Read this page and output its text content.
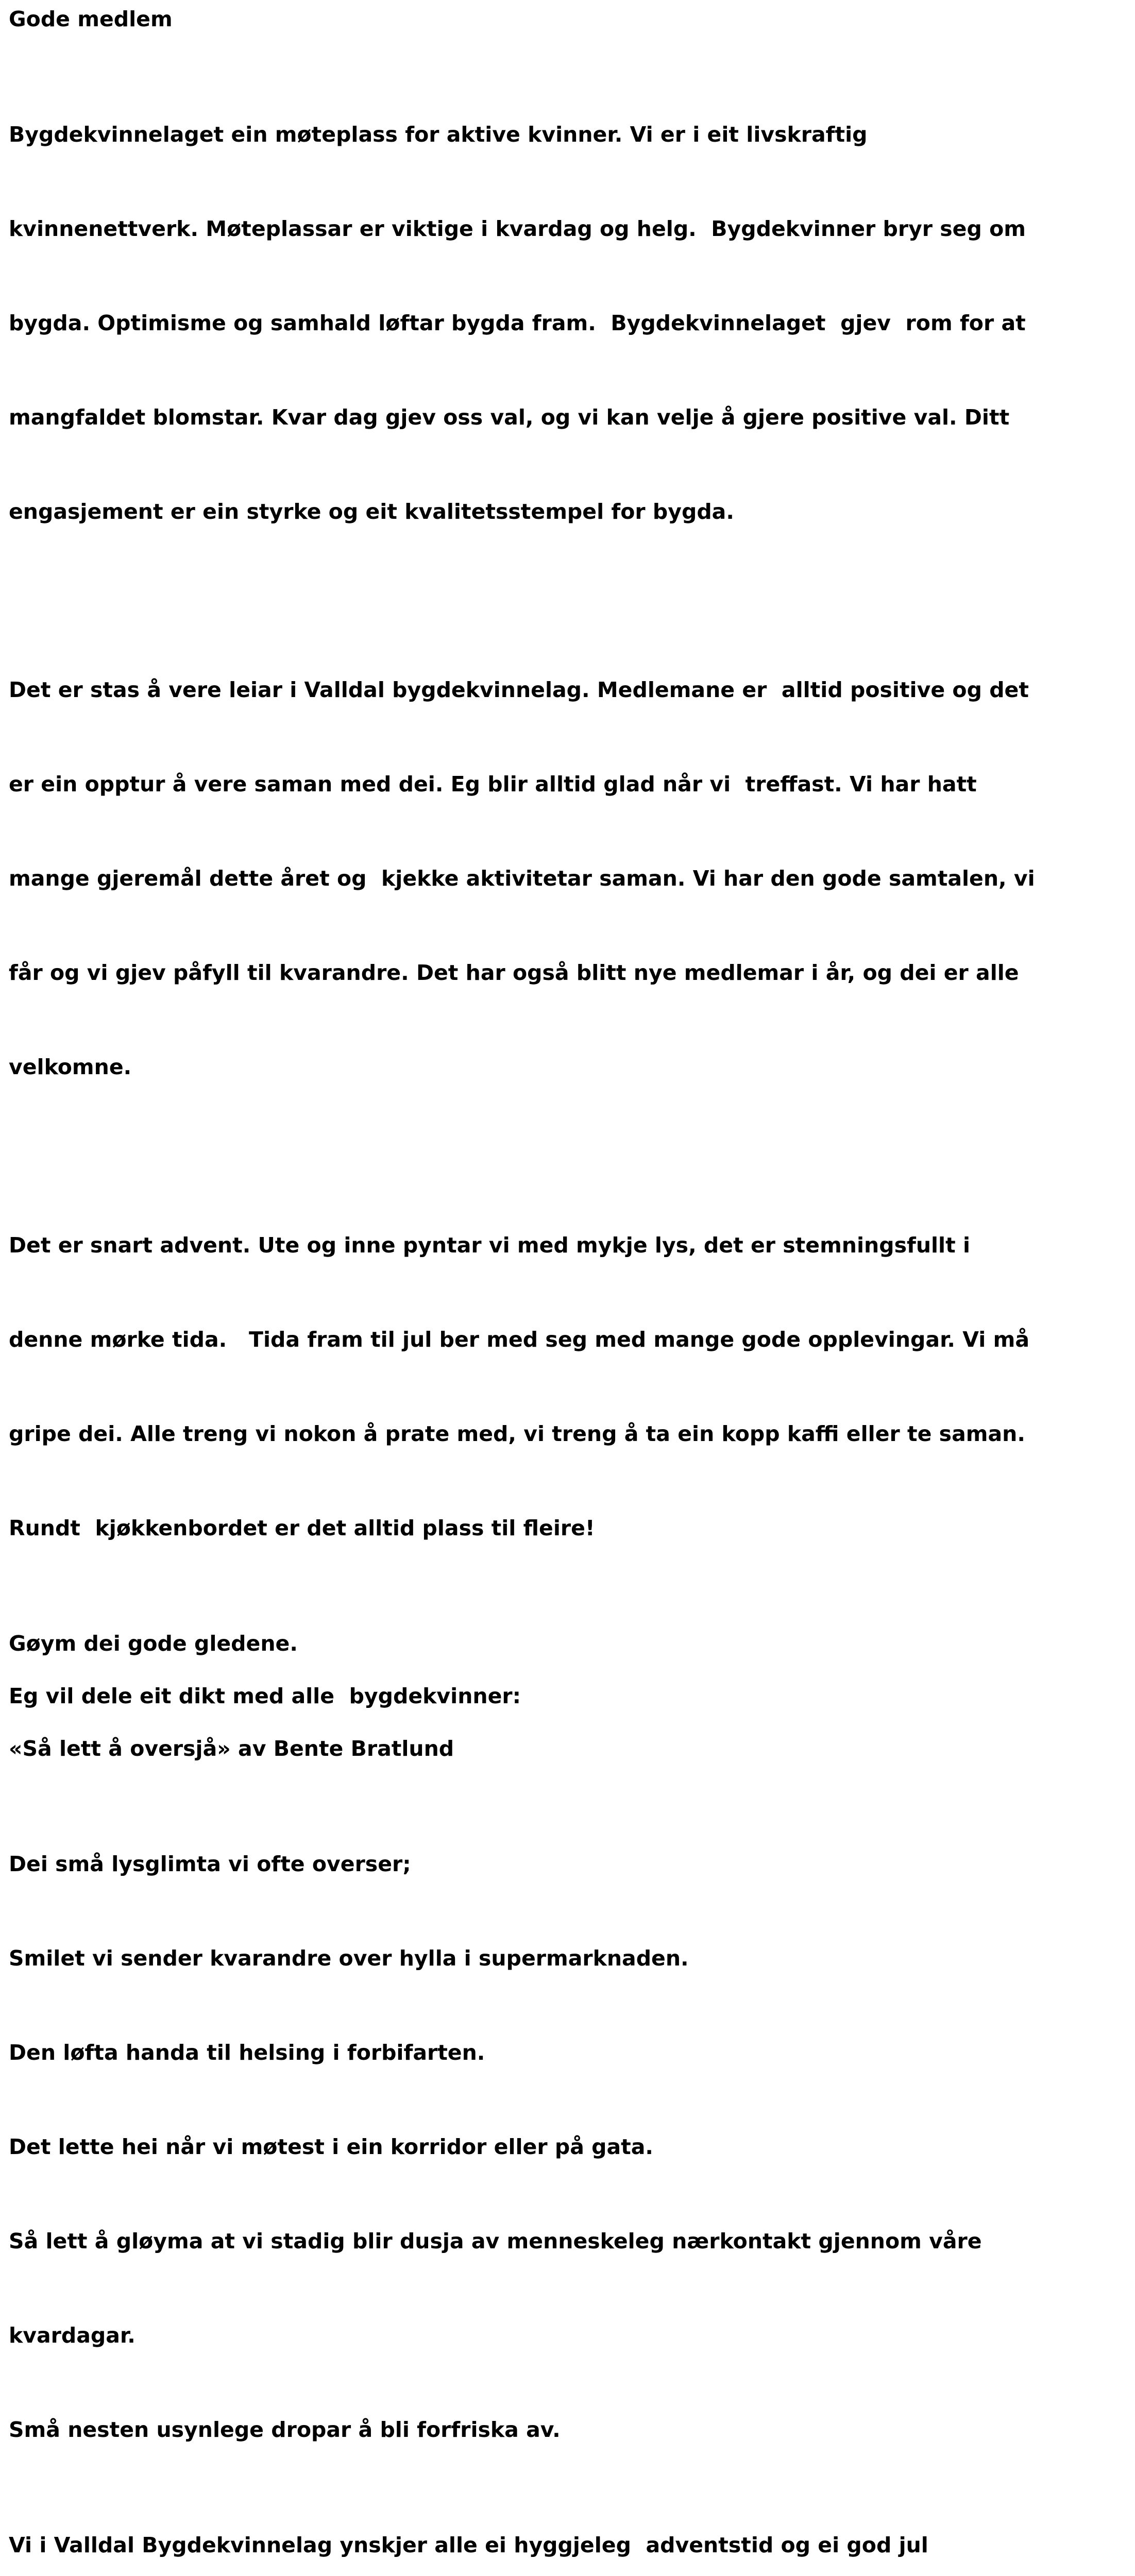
Gode medlem

Bygdekvinnelaget ein møteplass for aktive kvinner. Vi er i eit livskraftig

kvinnenettverk. Møteplassar er viktige i kvardag og helg.  Bygdekvinner bryr seg om

bygda. Optimisme og samhald løftar bygda fram.  Bygdekvinnelaget  gjev  rom for at

mangfaldet blomstar. Kvar dag gjev oss val, og vi kan velje å gjere positive val. Ditt

engasjement er ein styrke og eit kvalitetsstempel for bygda.

Det er stas å vere leiar i Valldal bygdekvinnelag. Medlemane er  alltid positive og det

er ein opptur å vere saman med dei. Eg blir alltid glad når vi  treffast. Vi har hatt

mange gjeremål dette året og  kjekke aktivitetar saman. Vi har den gode samtalen, vi

får og vi gjev påfyll til kvarandre. Det har også blitt nye medlemar i år, og dei er alle

velkomne.

Det er snart advent. Ute og inne pyntar vi med mykje lys, det er stemningsfullt i

denne mørke tida.   Tida fram til jul ber med seg med mange gode opplevingar. Vi må

gripe dei. Alle treng vi nokon å prate med, vi treng å ta ein kopp kaffi eller te saman.

Rundt  kjøkkenbordet er det alltid plass til fleire!

Gøym dei gode gledene.
Eg vil dele eit dikt med alle  bygdekvinner:
«Så lett å oversjå» av Bente Bratlund

Dei små lysglimta vi ofte overser;

Smilet vi sender kvarandre over hylla i supermarknaden.

Den løfta handa til helsing i forbifarten.

Det lette hei når vi møtest i ein korridor eller på gata.

Så lett å gløyma at vi stadig blir dusja av menneskeleg nærkontakt gjennom våre

kvardagar.

Små nesten usynlege dropar å bli forfriska av.

Vi i Valldal Bygdekvinnelag ynskjer alle ei hyggjeleg  adventstid og ei god jul
